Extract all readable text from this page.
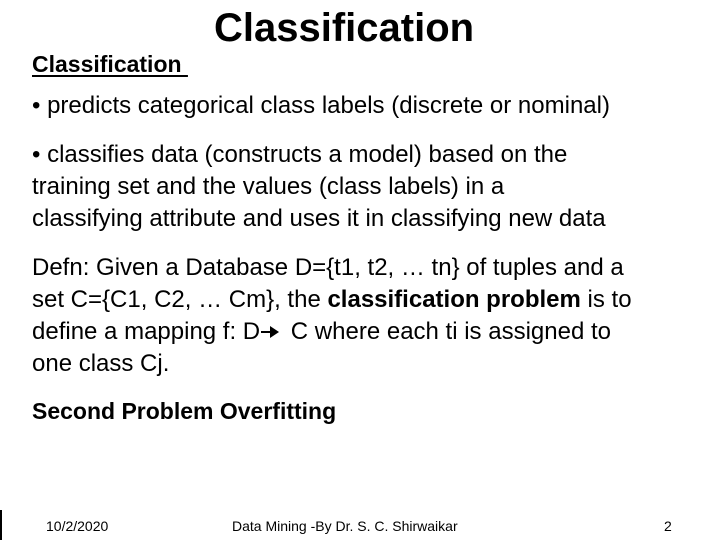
Classification
Classification
• predicts categorical class labels (discrete or nominal)
• classifies data (constructs a model) based on the
training set and the values (class labels) in a
classifying attribute and uses it in classifying new data
Defn: Given a Database D={t1, t2, … tn} of tuples and a
set C={C1, C2, … Cm}, the classification problem is to
define a mapping f: D C where each ti is assigned to
one class Cj.
Second Problem Overfitting
10/2/2020	Data Mining -By Dr. S. C. Shirwaikar	2
